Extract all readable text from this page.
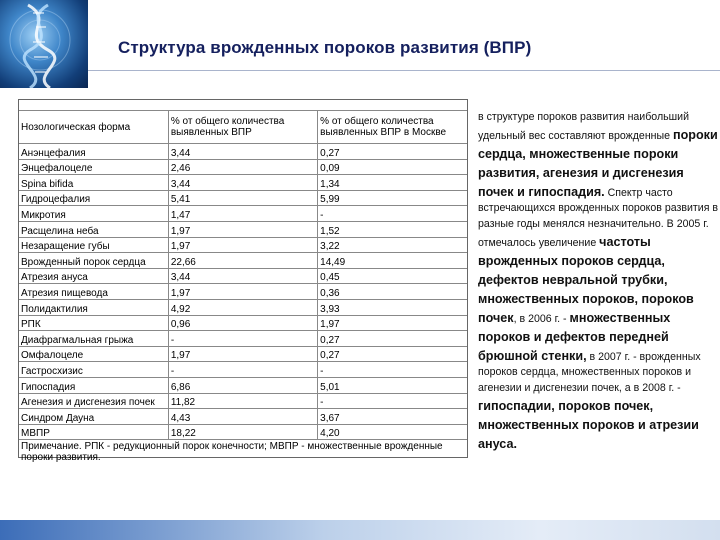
Структура врожденных пороков развития (ВПР)

Нозологическая форма	% от общего количества выявленных ВПР	% от общего количества выявленных ВПР в Москве
Анэнцефалия	3,44	0,27
Энцефалоцеле	2,46	0,09
Spina bifida	3,44	1,34
Гидроцефалия	5,41	5,99
Микротия	1,47	-
Расщелина неба	1,97	1,52
Незаращение губы	1,97	3,22
Врожденный порок сердца	22,66	14,49
Атрезия ануса	3,44	0,45
Атрезия пищевода	1,97	0,36
Полидактилия	4,92	3,93
РПК	0,96	1,97
Диафрагмальная грыжа	-	0,27
Омфалоцеле	1,97	0,27
Гастросхизис	-	-
Гипоспадия	6,86	5,01
Агенезия и дисгенезия почек	11,82	-
Синдром Дауна	4,43	3,67
МВПР	18,22	4,20
Примечание. РПК - редукционный порок конечности; МВПР - множественные врожденные пороки развития.		
в структуре пороков развития наибольший удельный вес составляют врожденные пороки сердца, множественные пороки развития, агенезия и дисгенезия почек и гипоспадия. Спектр часто встречающихся врожденных пороков развития в разные годы менялся незначительно. В 2005 г. отмечалось увеличение частоты врожденных пороков сердца, дефектов невральной трубки, множественных пороков, пороков почек, в 2006 г. - множественных пороков и дефектов передней брюшной стенки, в 2007 г. - врожденных пороков сердца, множественных пороков и агенезии и дисгенезии почек, а в 2008 г. - гипоспадии, пороков почек, множественных пороков и атрезии ануса.
